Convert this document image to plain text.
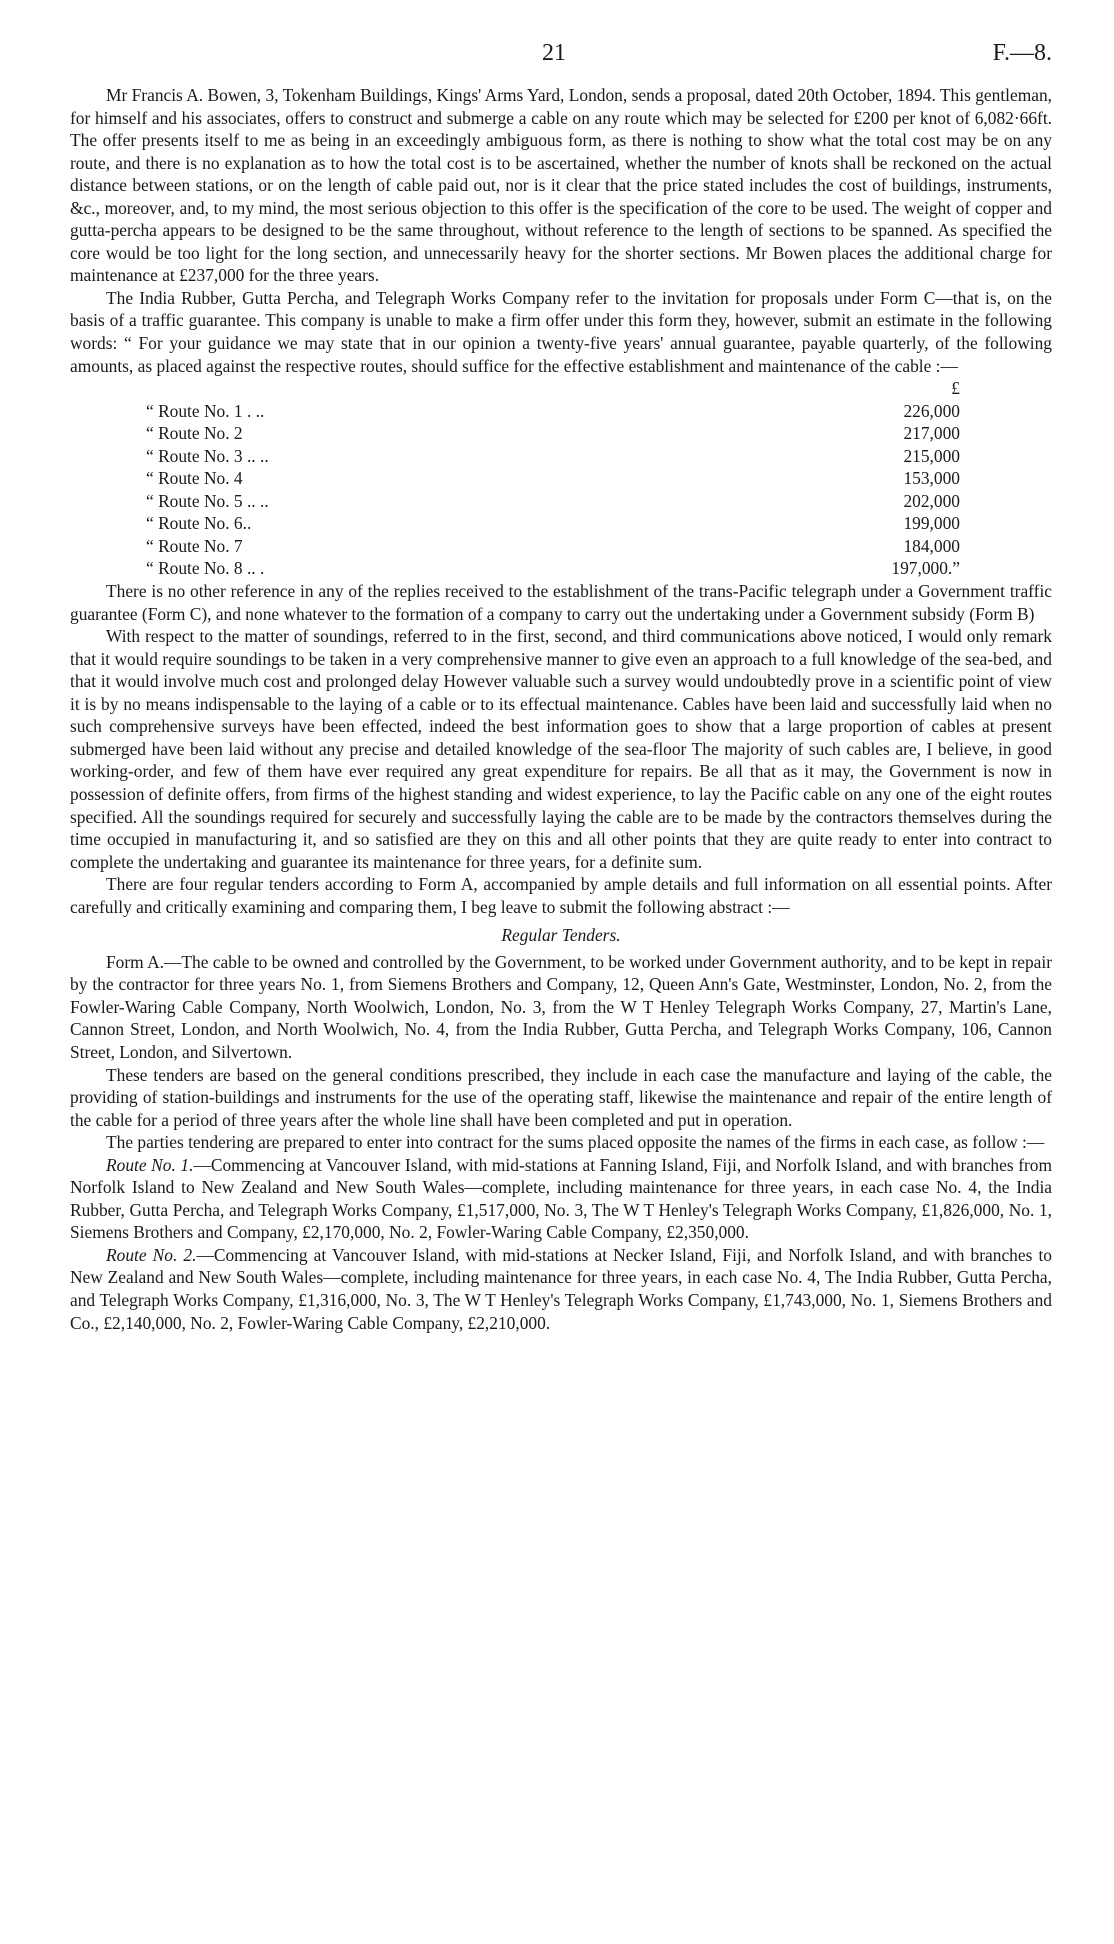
21	F.—8.

Mr Francis A. Bowen, 3, Tokenham Buildings, Kings' Arms Yard, London, sends a proposal, dated 20th October, 1894. This gentleman, for himself and his associates, offers to construct and submerge a cable on any route which may be selected for £200 per knot of 6,082·66ft. The offer presents itself to me as being in an exceedingly ambiguous form, as there is nothing to show what the total cost may be on any route, and there is no explanation as to how the total cost is to be ascertained, whether the number of knots shall be reckoned on the actual distance between stations, or on the length of cable paid out, nor is it clear that the price stated includes the cost of buildings, instruments, &c., moreover, and, to my mind, the most serious objection to this offer is the specification of the core to be used. The weight of copper and gutta-percha appears to be designed to be the same throughout, without reference to the length of sections to be spanned. As specified the core would be too light for the long section, and unnecessarily heavy for the shorter sections. Mr Bowen places the additional charge for maintenance at £237,000 for the three years.

The India Rubber, Gutta Percha, and Telegraph Works Company refer to the invitation for proposals under Form C—that is, on the basis of a traffic guarantee. This company is unable to make a firm offer under this form they, however, submit an estimate in the following words: “ For your guidance we may state that in our opinion a twenty-five years' annual guarantee, payable quarterly, of the following amounts, as placed against the respective routes, should suffice for the effective establishment and maintenance of the cable :—

£
“ Route No. 1 . ..	226,000
“ Route No. 2	217,000
“ Route No. 3 .. ..	215,000
“ Route No. 4	153,000
“ Route No. 5 .. ..	202,000
“ Route No. 6..	199,000
“ Route No. 7	184,000
“ Route No. 8 .. .	197,000.”

There is no other reference in any of the replies received to the establishment of the trans-Pacific telegraph under a Government traffic guarantee (Form C), and none whatever to the formation of a company to carry out the undertaking under a Government subsidy (Form B)

With respect to the matter of soundings, referred to in the first, second, and third communications above noticed, I would only remark that it would require soundings to be taken in a very comprehensive manner to give even an approach to a full knowledge of the sea-bed, and that it would involve much cost and prolonged delay However valuable such a survey would undoubtedly prove in a scientific point of view it is by no means indispensable to the laying of a cable or to its effectual maintenance. Cables have been laid and successfully laid when no such comprehensive surveys have been effected, indeed the best information goes to show that a large proportion of cables at present submerged have been laid without any precise and detailed knowledge of the sea-floor The majority of such cables are, I believe, in good working-order, and few of them have ever required any great expenditure for repairs. Be all that as it may, the Government is now in possession of definite offers, from firms of the highest standing and widest experience, to lay the Pacific cable on any one of the eight routes specified. All the soundings required for securely and successfully laying the cable are to be made by the contractors themselves during the time occupied in manufacturing it, and so satisfied are they on this and all other points that they are quite ready to enter into contract to complete the undertaking and guarantee its maintenance for three years, for a definite sum.

There are four regular tenders according to Form A, accompanied by ample details and full information on all essential points. After carefully and critically examining and comparing them, I beg leave to submit the following abstract :—

Regular Tenders.

Form A.—The cable to be owned and controlled by the Government, to be worked under Government authority, and to be kept in repair by the contractor for three years No. 1, from Siemens Brothers and Company, 12, Queen Ann's Gate, Westminster, London, No. 2, from the Fowler-Waring Cable Company, North Woolwich, London, No. 3, from the W T Henley Telegraph Works Company, 27, Martin's Lane, Cannon Street, London, and North Woolwich, No. 4, from the India Rubber, Gutta Percha, and Telegraph Works Company, 106, Cannon Street, London, and Silvertown.

These tenders are based on the general conditions prescribed, they include in each case the manufacture and laying of the cable, the providing of station-buildings and instruments for the use of the operating staff, likewise the maintenance and repair of the entire length of the cable for a period of three years after the whole line shall have been completed and put in operation.

The parties tendering are prepared to enter into contract for the sums placed opposite the names of the firms in each case, as follow :—

Route No. 1.—Commencing at Vancouver Island, with mid-stations at Fanning Island, Fiji, and Norfolk Island, and with branches from Norfolk Island to New Zealand and New South Wales—complete, including maintenance for three years, in each case No. 4, the India Rubber, Gutta Percha, and Telegraph Works Company, £1,517,000, No. 3, The W T Henley's Telegraph Works Company, £1,826,000, No. 1, Siemens Brothers and Company, £2,170,000, No. 2, Fowler-Waring Cable Company, £2,350,000.

Route No. 2.—Commencing at Vancouver Island, with mid-stations at Necker Island, Fiji, and Norfolk Island, and with branches to New Zealand and New South Wales—complete, including maintenance for three years, in each case No. 4, The India Rubber, Gutta Percha, and Telegraph Works Company, £1,316,000, No. 3, The W T Henley's Telegraph Works Company, £1,743,000, No. 1, Siemens Brothers and Co., £2,140,000, No. 2, Fowler-Waring Cable Company, £2,210,000.
